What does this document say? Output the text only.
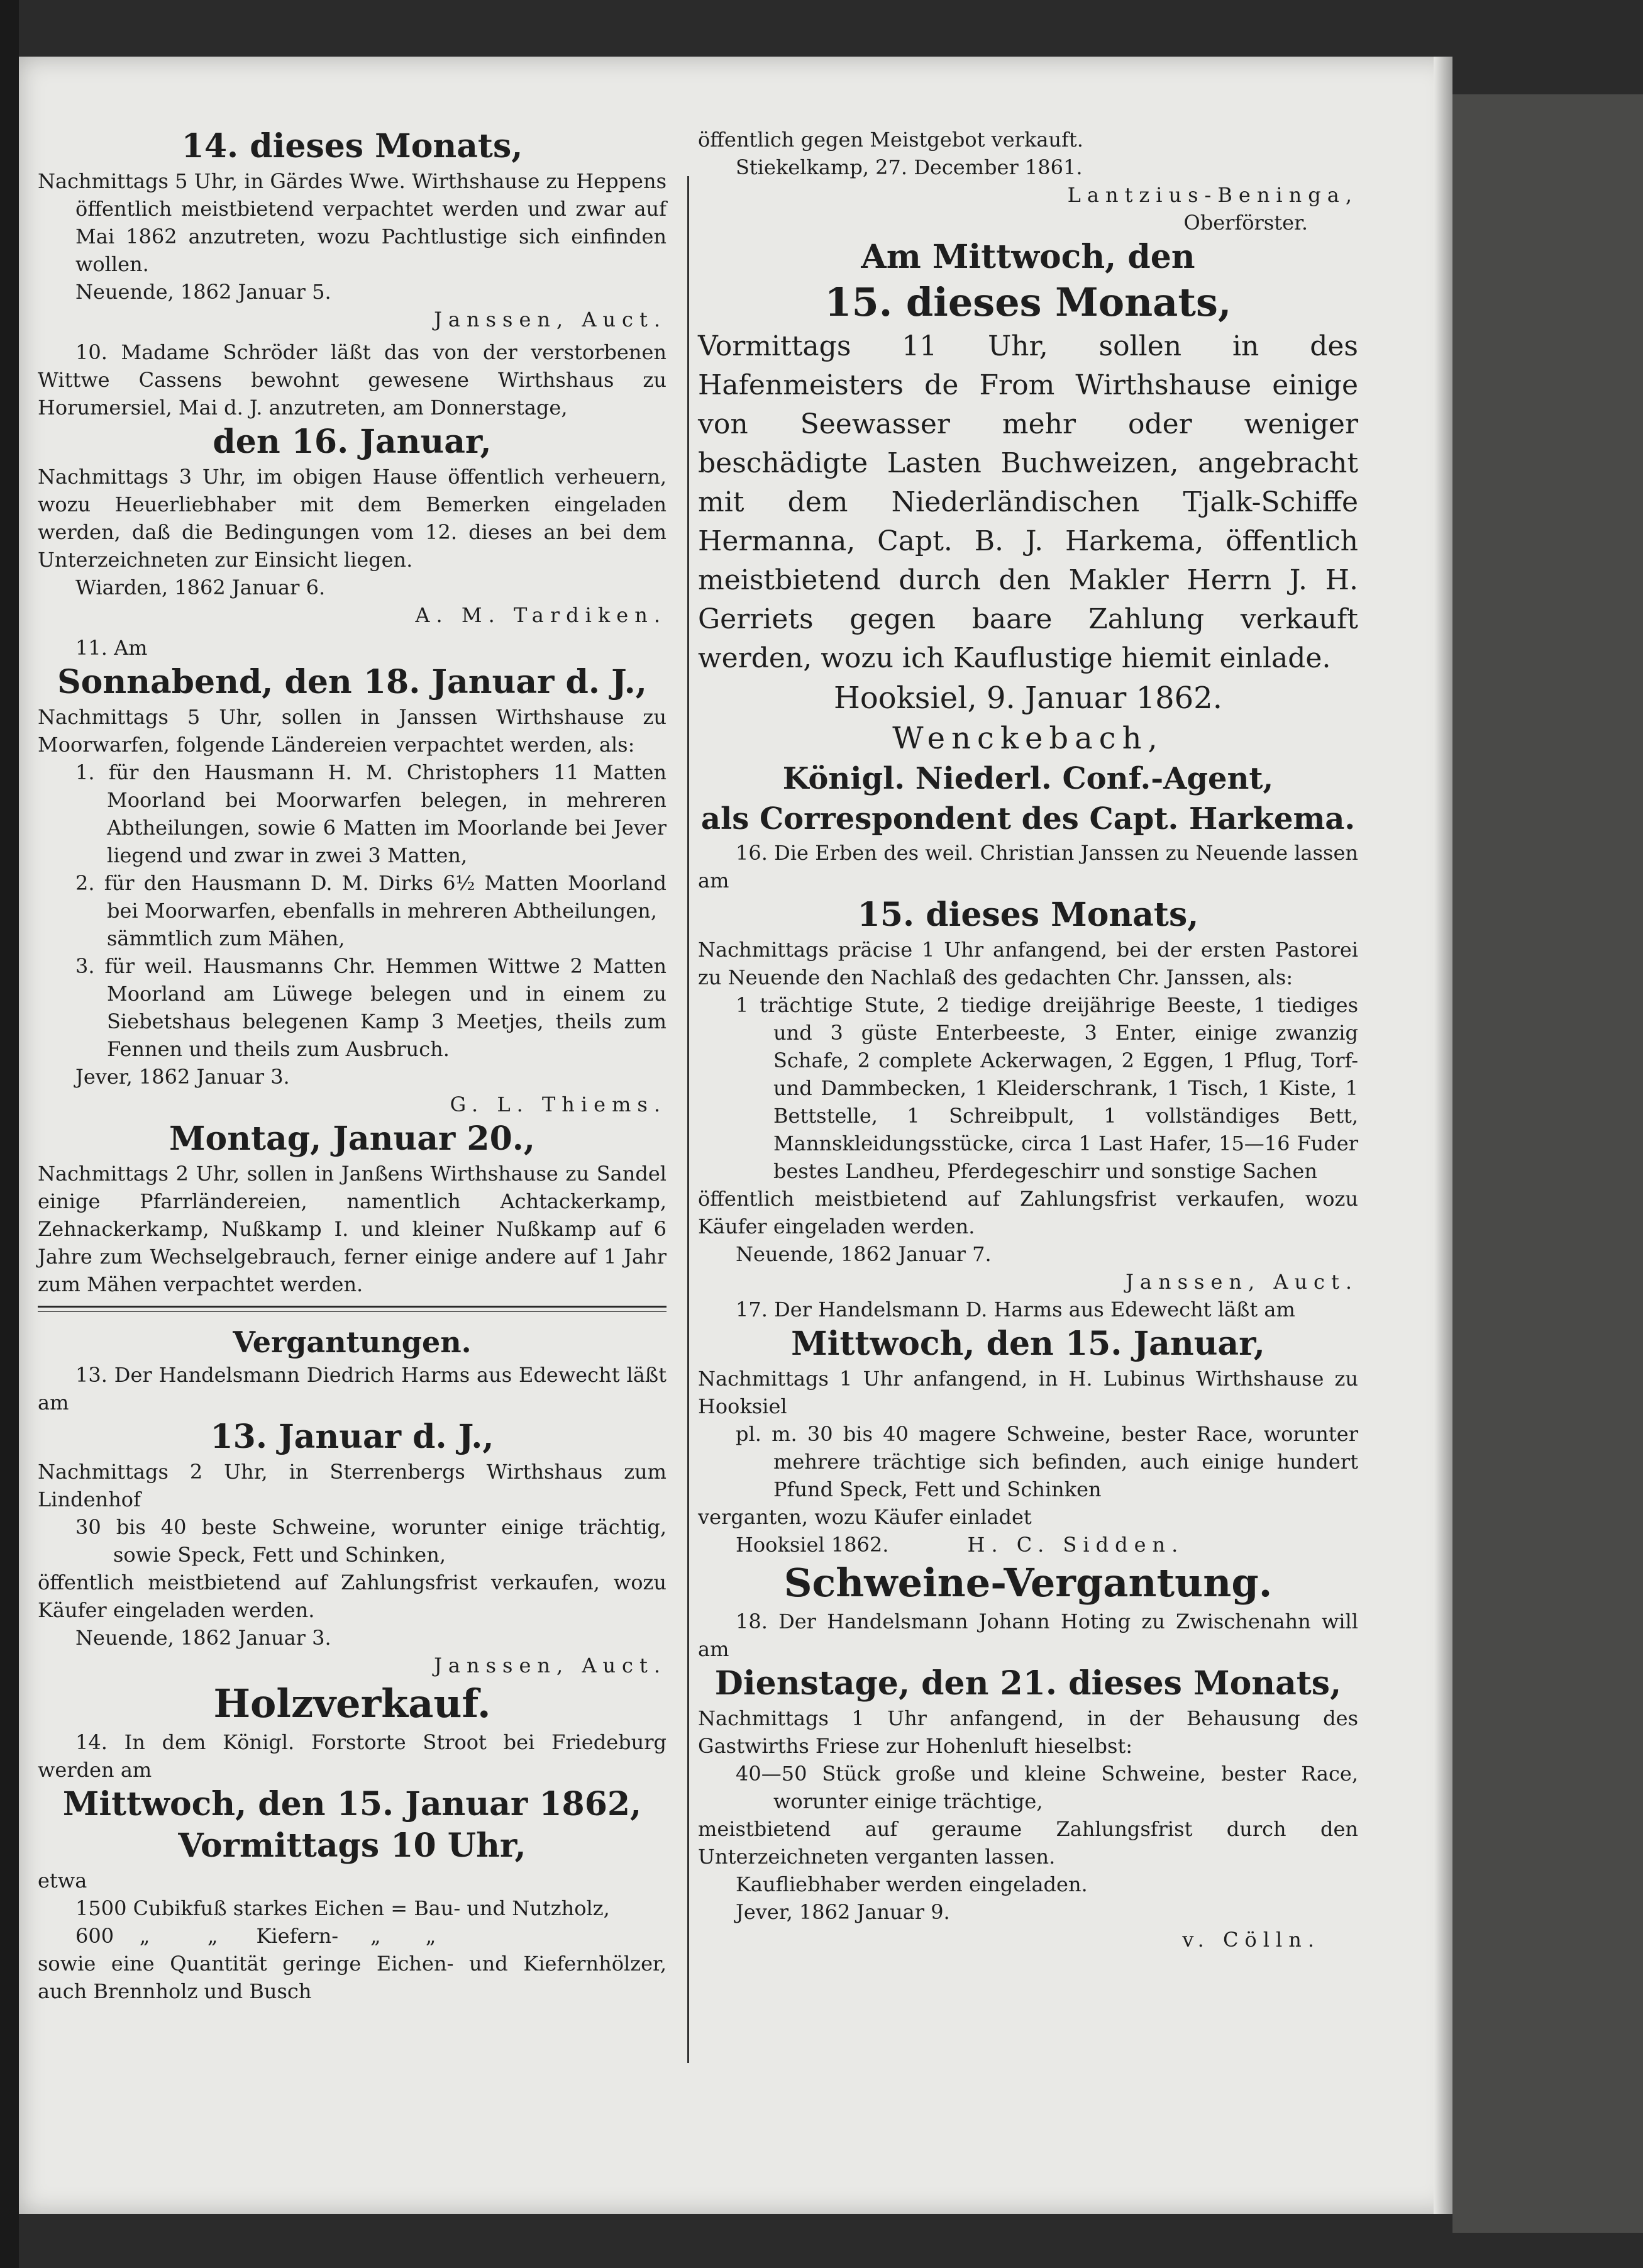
14. dieses Monats,

Nachmittags 5 Uhr, in Gärdes Wwe. Wirthshause zu Heppens öffentlich meistbietend verpachtet werden und zwar auf Mai 1862 anzutreten, wozu Pachtlustige sich einfinden wollen.

Neuende, 1862 Januar 5.

Janssen, Auct.

10. Madame Schröder läßt das von der verstorbenen Wittwe Cassens bewohnt gewesene Wirthshaus zu Horumersiel, Mai d. J. anzutreten, am Donnerstage,

den 16. Januar,

Nachmittags 3 Uhr, im obigen Hause öffentlich verheuern, wozu Heuerliebhaber mit dem Bemerken eingeladen werden, daß die Bedingungen vom 12. dieses an bei dem Unterzeichneten zur Einsicht liegen.

Wiarden, 1862 Januar 6.

A. M. Tardiken.

11. Am

Sonnabend, den 18. Januar d. J.,

Nachmittags 5 Uhr, sollen in Janssen Wirthshause zu Moorwarfen, folgende Ländereien verpachtet werden, als:

1. für den Hausmann H. M. Christophers 11 Matten Moorland bei Moorwarfen belegen, in mehreren Abtheilungen, sowie 6 Matten im Moorlande bei Jever liegend und zwar in zwei 3 Matten,

2. für den Hausmann D. M. Dirks 6½ Matten Moorland bei Moorwarfen, ebenfalls in mehreren Abtheilungen,

sämmtlich zum Mähen,

3. für weil. Hausmanns Chr. Hemmen Wittwe 2 Matten Moorland am Lüwege belegen und in einem zu Siebetshaus belegenen Kamp 3 Meetjes, theils zum Fennen und theils zum Ausbruch.

Jever, 1862 Januar 3.

G. L. Thiems.

Montag, Januar 20.,

Nachmittags 2 Uhr, sollen in Janßens Wirthshause zu Sandel einige Pfarrländereien, namentlich Achtackerkamp, Zehnackerkamp, Nußkamp I. und kleiner Nußkamp auf 6 Jahre zum Wechselgebrauch, ferner einige andere auf 1 Jahr zum Mähen verpachtet werden.

Vergantungen.

13. Der Handelsmann Diedrich Harms aus Edewecht läßt am

13. Januar d. J.,

Nachmittags 2 Uhr, in Sterrenbergs Wirthshaus zum Lindenhof

30 bis 40 beste Schweine, worunter einige trächtig, sowie Speck, Fett und Schinken,

öffentlich meistbietend auf Zahlungsfrist verkaufen, wozu Käufer eingeladen werden.

Neuende, 1862 Januar 3.

Janssen, Auct.

Holzverkauf.

14. In dem Königl. Forstorte Stroot bei Friedeburg werden am

Mittwoch, den 15. Januar 1862,

Vormittags 10 Uhr,

etwa

1500 Cubikfuß starkes Eichen = Bau- und Nutzholz,

600    „         „      Kiefern-     „       „

sowie eine Quantität geringe Eichen- und Kiefernhölzer, auch Brennholz und Busch

öffentlich gegen Meistgebot verkauft.

Stiekelkamp, 27. December 1861.

Lantzius-Beninga,

Oberförster.

Am Mittwoch, den

15. dieses Monats,

Vormittags 11 Uhr, sollen in des Hafenmeisters de From Wirthshause einige von Seewasser mehr oder weniger beschädigte Lasten Buchweizen, angebracht mit dem Niederländischen Tjalk-Schiffe Hermanna, Capt. B. J. Harkema, öffentlich meistbietend durch den Makler Herrn J. H. Gerriets gegen baare Zahlung verkauft werden, wozu ich Kauflustige hiemit einlade.

Hooksiel, 9. Januar 1862.

Wenckebach,

Königl. Niederl. Conf.-Agent,

als Correspondent des Capt. Harkema.

16. Die Erben des weil. Christian Janssen zu Neuende lassen am

15. dieses Monats,

Nachmittags präcise 1 Uhr anfangend, bei der ersten Pastorei zu Neuende den Nachlaß des gedachten Chr. Janssen, als:

1 trächtige Stute, 2 tiedige dreijährige Beeste, 1 tiediges und 3 güste Enterbeeste, 3 Enter, einige zwanzig Schafe, 2 complete Ackerwagen, 2 Eggen, 1 Pflug, Torf- und Dammbecken, 1 Kleiderschrank, 1 Tisch, 1 Kiste, 1 Bettstelle, 1 Schreibpult, 1 vollständiges Bett, Mannskleidungsstücke, circa 1 Last Hafer, 15—16 Fuder bestes Landheu, Pferdegeschirr und sonstige Sachen

öffentlich meistbietend auf Zahlungsfrist verkaufen, wozu Käufer eingeladen werden.

Neuende, 1862 Januar 7.

Janssen, Auct.

17. Der Handelsmann D. Harms aus Edewecht läßt am

Mittwoch, den 15. Januar,

Nachmittags 1 Uhr anfangend, in H. Lubinus Wirthshause zu Hooksiel

pl. m. 30 bis 40 magere Schweine, bester Race, worunter mehrere trächtige sich befinden, auch einige hundert Pfund Speck, Fett und Schinken

verganten, wozu Käufer einladet

Hooksiel 1862.	H. C. Sidden.

Schweine-Vergantung.

18. Der Handelsmann Johann Hoting zu Zwischenahn will am

Dienstage, den 21. dieses Monats,

Nachmittags 1 Uhr anfangend, in der Behausung des Gastwirths Friese zur Hohenluft hieselbst:

40—50 Stück große und kleine Schweine, bester Race, worunter einige trächtige,

meistbietend auf geraume Zahlungsfrist durch den Unterzeichneten verganten lassen.

Kaufliebhaber werden eingeladen.

Jever, 1862 Januar 9.

v. Cölln.
